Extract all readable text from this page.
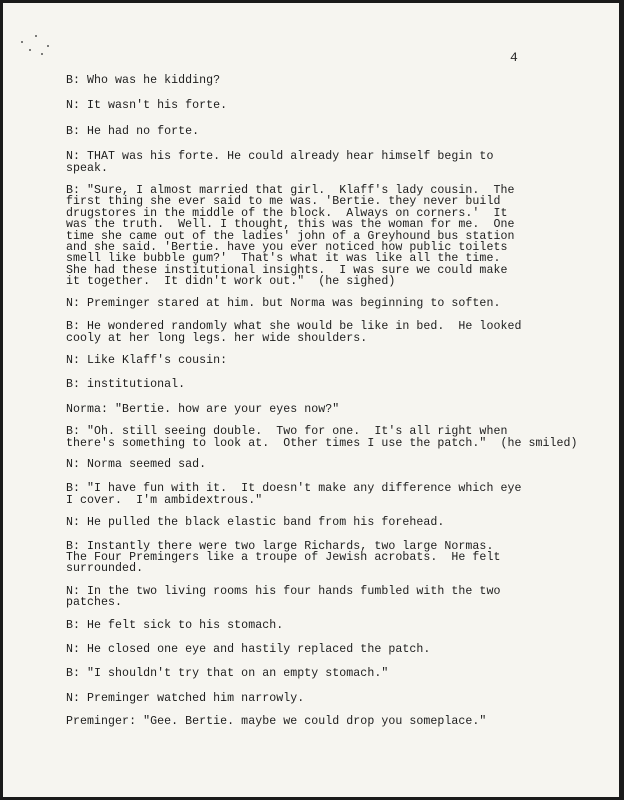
4
B: Who was he kidding?
N: It wasn't his forte.
B: He had no forte.
N: THAT was his forte. He could already hear himself begin to
speak.
B: "Sure, I almost married that girl.  Klaff's lady cousin.  The
first thing she ever said to me was. 'Bertie. they never build
drugstores in the middle of the block.  Always on corners.'  It
was the truth.  Well. I thought, this was the woman for me.  One
time she came out of the ladies' john of a Greyhound bus station
and she said. 'Bertie. have you ever noticed how public toilets
smell like bubble gum?'  That's what it was like all the time.
She had these institutional insights.  I was sure we could make
it together.  It didn't work out."  (he sighed)
N: Preminger stared at him. but Norma was beginning to soften.
B: He wondered randomly what she would be like in bed.  He looked
cooly at her long legs. her wide shoulders.
N: Like Klaff's cousin:
B: institutional.
Norma: "Bertie. how are your eyes now?"
B: "Oh. still seeing double.  Two for one.  It's all right when
there's something to look at.  Other times I use the patch."  (he smiled)
N: Norma seemed sad.
B: "I have fun with it.  It doesn't make any difference which eye
I cover.  I'm ambidextrous."
N: He pulled the black elastic band from his forehead.
B: Instantly there were two large Richards, two large Normas.
The Four Premingers like a troupe of Jewish acrobats.  He felt
surrounded.
N: In the two living rooms his four hands fumbled with the two
patches.
B: He felt sick to his stomach.
N: He closed one eye and hastily replaced the patch.
B: "I shouldn't try that on an empty stomach."
N: Preminger watched him narrowly.
Preminger: "Gee. Bertie. maybe we could drop you someplace."
